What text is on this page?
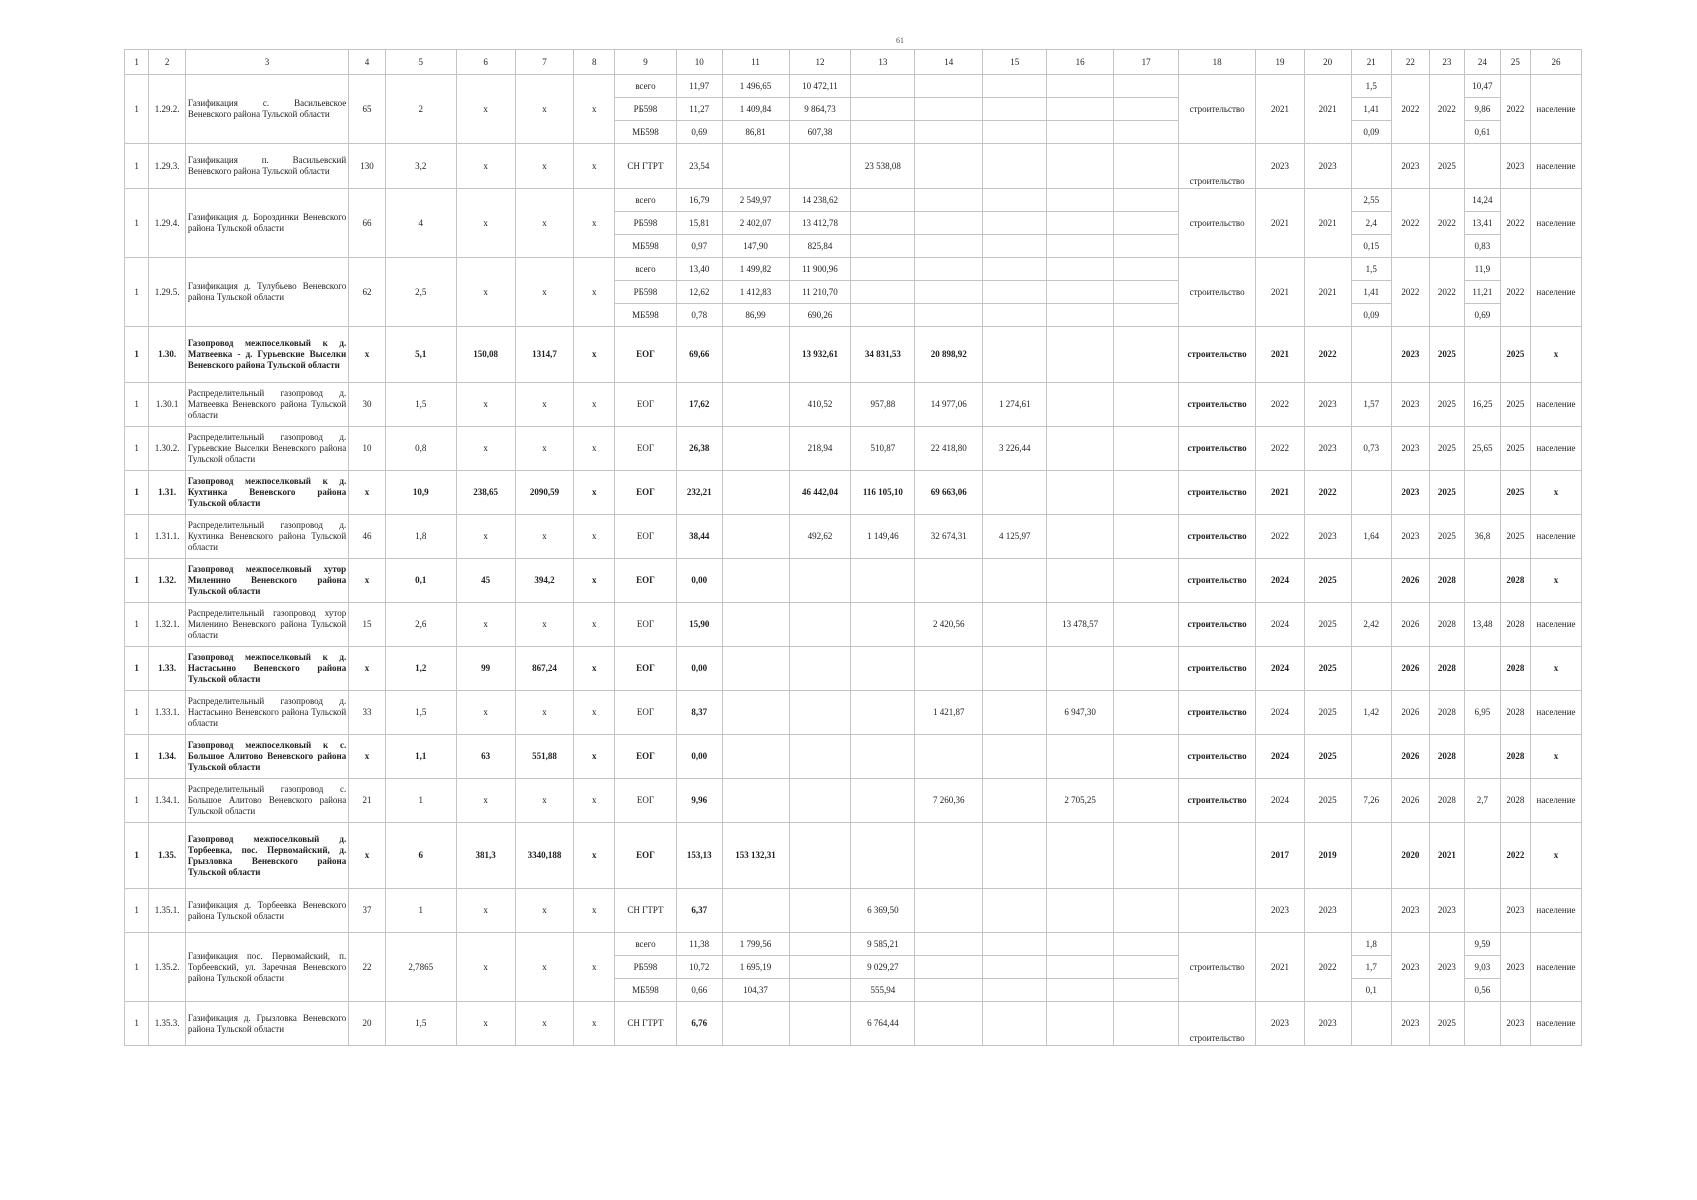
61
1	2	3	4	5	6	7	8	9	10	11	12	13	14	15	16	17	18	19	20	21	22	23	24	25	26
1	1.29.2.	Газификация с. Васильевское Веневского района Тульской области	65	2	х	х	х	всего	11,97	1 496,65	10 472,11						строительство	2021	2021	1,5	2022	2022	10,47	2022	население
								РБ598	11,27	1 409,84	9 864,73									1,41			9,86		
								МБ598	0,69	86,81	607,38									0,09			0,61		
1	1.29.3.	Газификация п. Васильевский Веневского района Тульской области	130	3,2	х	х	х	СН ГТРТ	23,54			23 538,08					строительство	2023	2023		2023	2025		2023	население
1	1.29.4.	Газификация д. Бороздинки Веневского района Тульской области	66	4	х	х	х	всего	16,79	2 549,97	14 238,62						строительство	2021	2021	2,55	2022	2022	14,24	2022	население
								РБ598	15,81	2 402,07	13 412,78									2,4			13,41		
								МБ598	0,97	147,90	825,84									0,15			0,83		
1	1.29.5.	Газификация д. Тулубьево Веневского района Тульской области	62	2,5	х	х	х	всего	13,40	1 499,82	11 900,96						строительство	2021	2021	1,5	2022	2022	11,9	2022	население
								РБ598	12,62	1 412,83	11 210,70									1,41			11,21		
								МБ598	0,78	86,99	690,26									0,09			0,69		
1	1.30.	Газопровод межпоселковый к д. Матвеевка - д. Гурьевские Выселки Веневского района Тульской области	х	5,1	150,08	1314,7	х	ЕОГ	69,66		13 932,61	34 831,53	20 898,92				строительство	2021	2022		2023	2025		2025	х
1	1.30.1	Распределительный газопровод д. Матвеевка Веневского района Тульской области	30	1,5	х	х	х	ЕОГ	17,62		410,52	957,88	14 977,06	1 274,61			строительство	2022	2023	1,57	2023	2025	16,25	2025	население
1	1.30.2.	Распределительный газопровод д. Гурьевские Выселки Веневского района Тульской области	10	0,8	х	х	х	ЕОГ	26,38		218,94	510,87	22 418,80	3 226,44			строительство	2022	2023	0,73	2023	2025	25,65	2025	население
1	1.31.	Газопровод межпоселковый к д. Кухтинка Веневского района Тульской области	х	10,9	238,65	2090,59	х	ЕОГ	232,21		46 442,04	116 105,10	69 663,06				строительство	2021	2022		2023	2025		2025	х
1	1.31.1.	Распределительный газопровод д. Кухтинка Веневского района Тульской области	46	1,8	х	х	х	ЕОГ	38,44		492,62	1 149,46	32 674,31	4 125,97			строительство	2022	2023	1,64	2023	2025	36,8	2025	население
1	1.32.	Газопровод межпоселковый хутор Миленино Веневского района Тульской области	х	0,1	45	394,2	х	ЕОГ	0,00								строительство	2024	2025		2026	2028		2028	х
1	1.32.1.	Распределительный газопровод хутор Миленино Веневского района Тульской области	15	2,6	х	х	х	ЕОГ	15,90				2 420,56		13 478,57		строительство	2024	2025	2,42	2026	2028	13,48	2028	население
1	1.33.	Газопровод межпоселковый к д. Настасьино Веневского района Тульской области	х	1,2	99	867,24	х	ЕОГ	0,00								строительство	2024	2025		2026	2028		2028	х
1	1.33.1.	Распределительный газопровод д. Настасьино Веневского района Тульской области	33	1,5	х	х	х	ЕОГ	8,37				1 421,87		6 947,30		строительство	2024	2025	1,42	2026	2028	6,95	2028	население
1	1.34.	Газопровод межпоселковый к с. Большое Алитово Веневского района Тульской области	х	1,1	63	551,88	х	ЕОГ	0,00								строительство	2024	2025		2026	2028		2028	х
1	1.34.1.	Распределительный газопровод с. Большое Алитово Веневского района Тульской области	21	1	х	х	х	ЕОГ	9,96				7 260,36		2 705,25		строительство	2024	2025	7,26	2026	2028	2,7	2028	население
1	1.35.	Газопровод межпоселковый д. Торбеевка, пос. Первомайский, д. Грызловка Веневского района Тульской области	х	6	381,3	3340,188	х	ЕОГ	153,13	153 132,31								2017	2019		2020	2021		2022	х
1	1.35.1.	Газификация д. Торбеевка Веневского района Тульской области	37	1	х	х	х	СН ГТРТ	6,37			6 369,50						2023	2023		2023	2023		2023	население
1	1.35.2.	Газификация пос. Первомайский, п. Торбеевский, ул. Заречная Веневского района Тульской области	22	2,7865	х	х	х	всего	11,38	1 799,56		9 585,21					строительство	2021	2022	1,8	2023	2023	9,59	2023	население
								РБ598	10,72	1 695,19		9 029,27								1,7			9,03		
								МБ598	0,66	104,37		555,94								0,1			0,56		
1	1.35.3.	Газификация д. Грызловка Веневского района Тульской области	20	1,5	х	х	х	СН ГТРТ	6,76			6 764,44					строительство	2023	2023		2023	2025		2023	население
